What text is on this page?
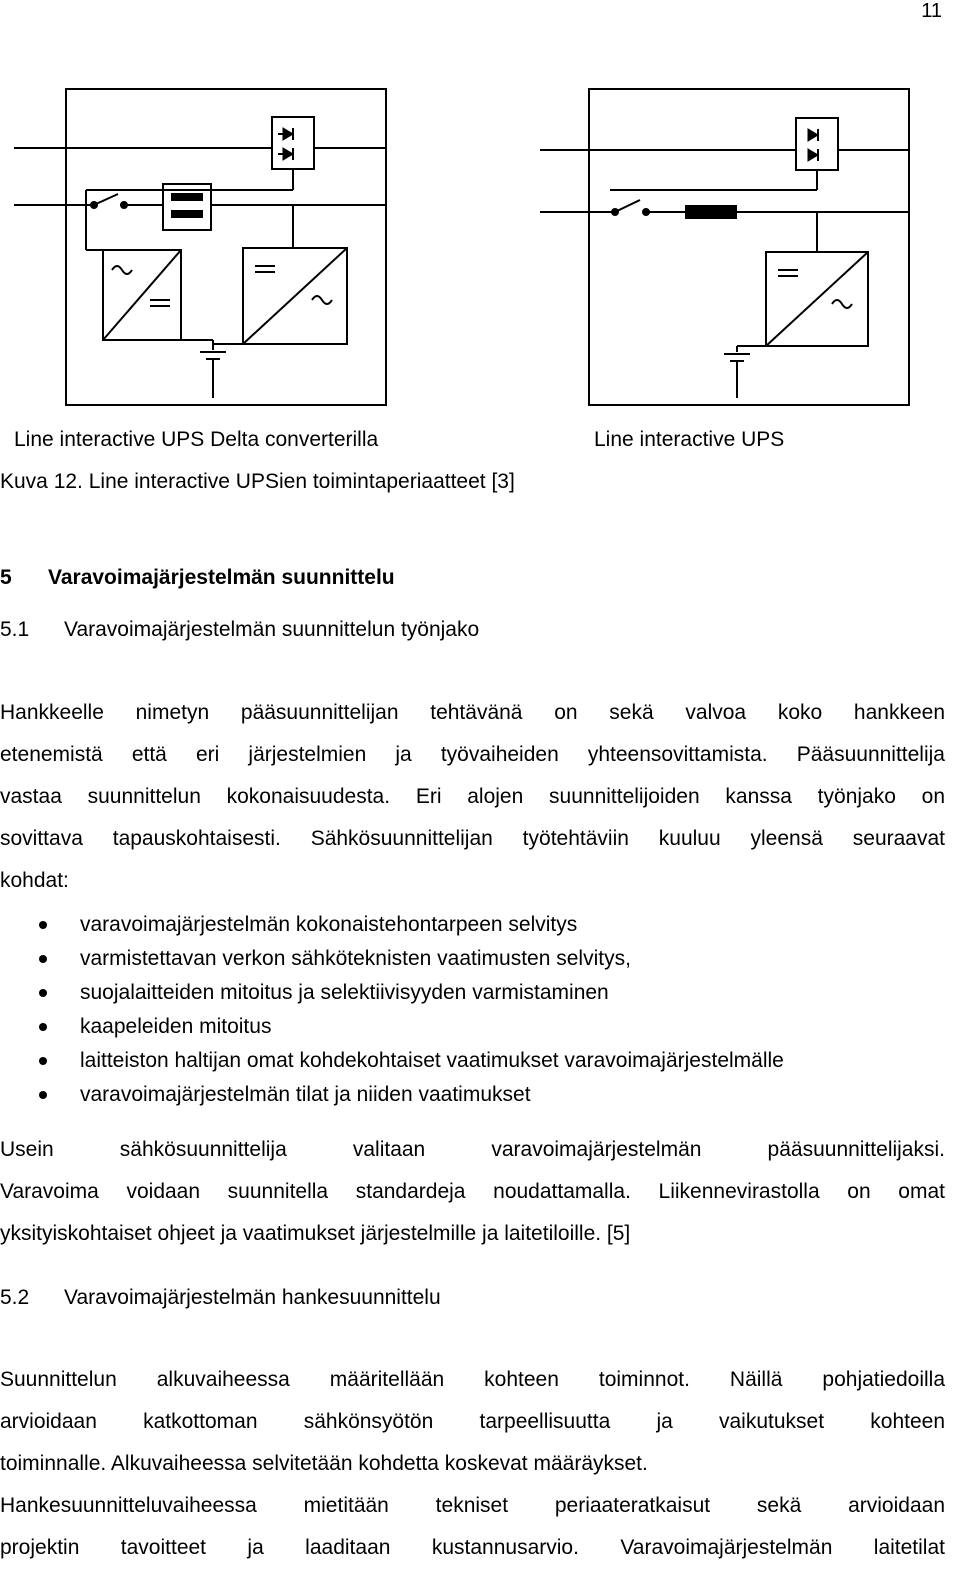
11
Line interactive UPS Delta converterilla	Line interactive UPS
Kuva 12. Line interactive UPSien toimintaperiaatteet [3]
5 Varavoimajärjestelmän suunnittelu
5.1 Varavoimajärjestelmän suunnittelun työnjako
Hankkeelle nimetyn pääsuunnittelijan tehtävänä on sekä valvoa koko hankkeen
etenemistä että eri järjestelmien ja työvaiheiden yhteensovittamista. Pääsuunnittelija
vastaa suunnittelun kokonaisuudesta. Eri alojen suunnittelijoiden kanssa työnjako on
sovittava tapauskohtaisesti. Sähkösuunnittelijan työtehtäviin kuuluu yleensä seuraavat
kohdat:
varavoimajärjestelmän kokonaistehontarpeen selvitys
varmistettavan verkon sähköteknisten vaatimusten selvitys,
suojalaitteiden mitoitus ja selektiivisyyden varmistaminen
kaapeleiden mitoitus
laitteiston haltijan omat kohdekohtaiset vaatimukset varavoimajärjestelmälle
varavoimajärjestelmän tilat ja niiden vaatimukset
Usein sähkösuunnittelija valitaan varavoimajärjestelmän pääsuunnittelijaksi.
Varavoima voidaan suunnitella standardeja noudattamalla. Liikennevirastolla on omat
yksityiskohtaiset ohjeet ja vaatimukset järjestelmille ja laitetiloille. [5]
5.2 Varavoimajärjestelmän hankesuunnittelu
Suunnittelun alkuvaiheessa määritellään kohteen toiminnot. Näillä pohjatiedoilla
arvioidaan katkottoman sähkönsyötön tarpeellisuutta ja vaikutukset kohteen
toiminnalle. Alkuvaiheessa selvitetään kohdetta koskevat määräykset.
Hankesuunnitteluvaiheessa mietitään tekniset periaateratkaisut sekä arvioidaan
projektin tavoitteet ja laaditaan kustannusarvio. Varavoimajärjestelmän laitetilat
